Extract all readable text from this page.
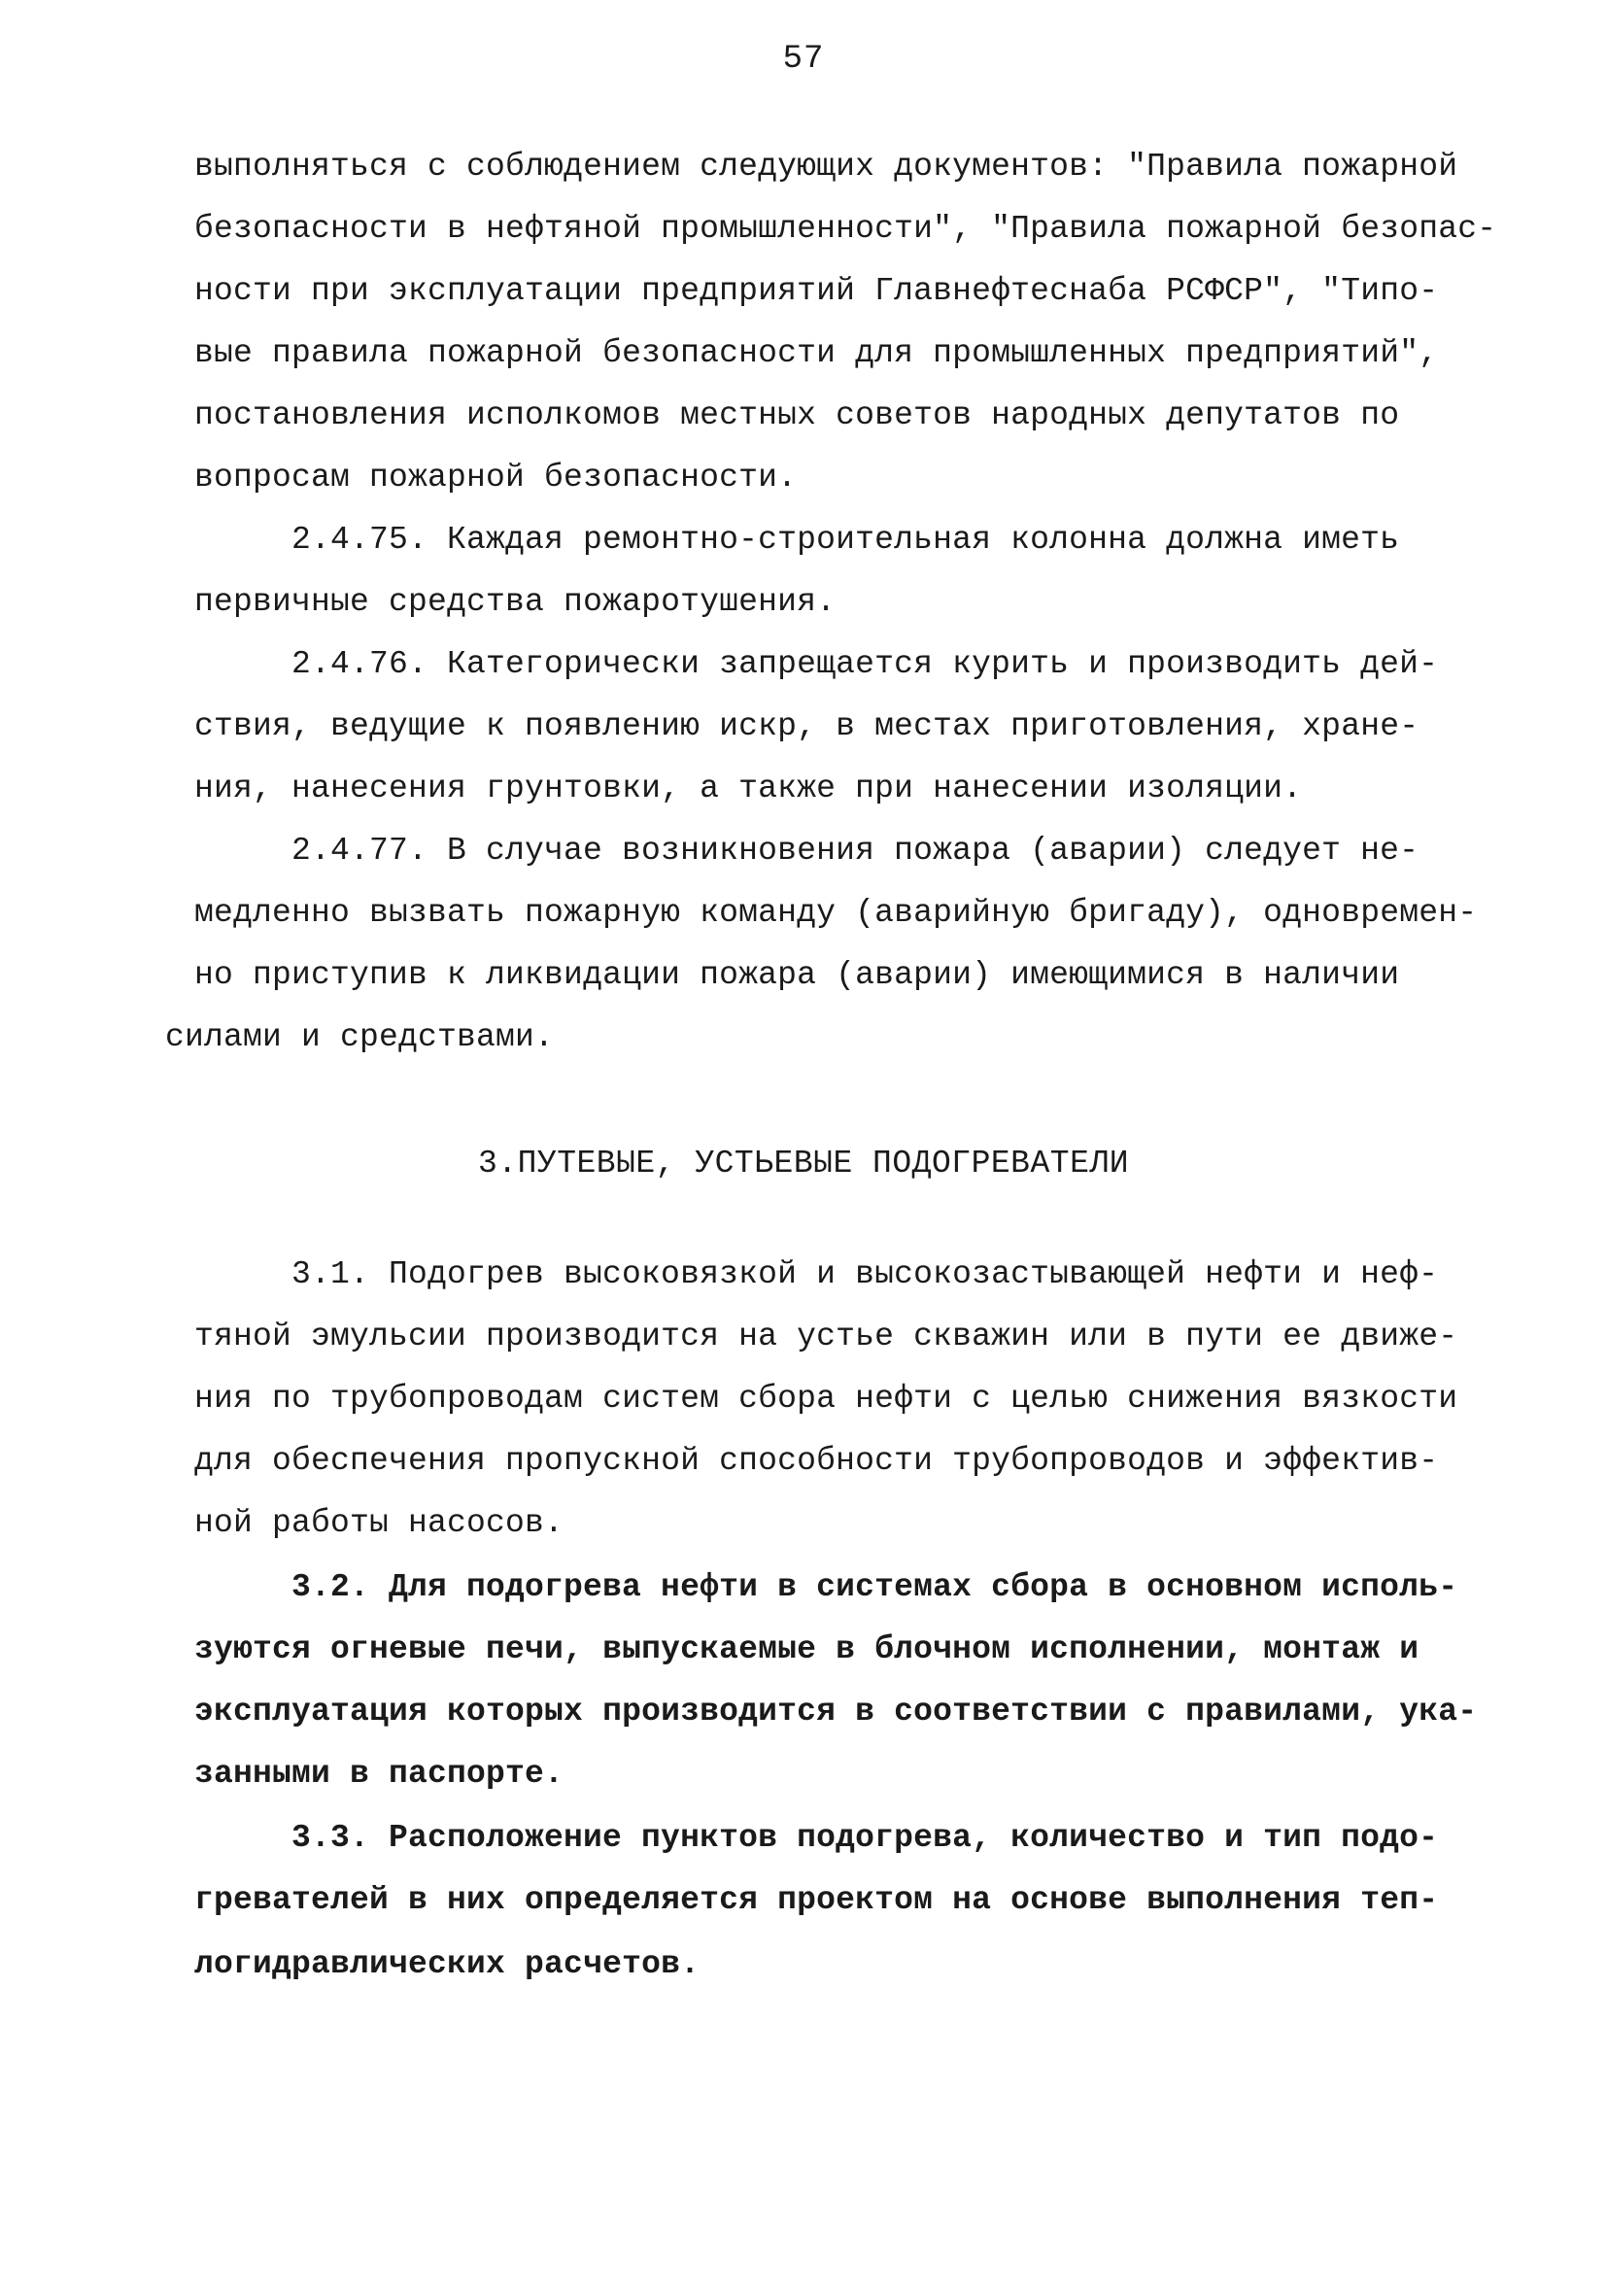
57
выполняться с соблюдением следующих документов: "Правила пожарной
безопасности в нефтяной промышленности", "Правила пожарной безопас-
ности при эксплуатации предприятий Главнефтеснаба РСФСР", "Типо-
вые правила пожарной безопасности для промышленных предприятий",
постановления исполкомов местных советов народных депутатов по
вопросам пожарной безопасности.
2.4.75. Каждая ремонтно-строительная колонна должна иметь
первичные средства пожаротушения.
2.4.76. Категорически запрещается курить и производить дей-
ствия, ведущие к появлению искр, в местах приготовления, хране-
ния, нанесения грунтовки, а также при нанесении изоляции.
2.4.77. В случае возникновения пожара (аварии) следует не-
медленно вызвать пожарную команду (аварийную бригаду), одновремен-
но приступив к ликвидации пожара (аварии) имеющимися в наличии
силами и средствами.
3.ПУТЕВЫЕ, УСТЬЕВЫЕ ПОДОГРЕВАТЕЛИ
3.1. Подогрев высоковязкой и высокозастывающей нефти и неф-
тяной эмульсии производится на устье скважин или в пути ее движе-
ния по трубопроводам систем сбора нефти с целью снижения вязкости
для обеспечения пропускной способности трубопроводов и эффектив-
ной работы насосов.
3.2. Для подогрева нефти в системах сбора в основном исполь-
зуются огневые печи, выпускаемые в блочном исполнении, монтаж и
эксплуатация которых производится в соответствии с правилами, ука-
занными в паспорте.
3.3. Расположение пунктов подогрева, количество и тип подо-
гревателей в них определяется проектом на основе выполнения теп-
логидравлических расчетов.
